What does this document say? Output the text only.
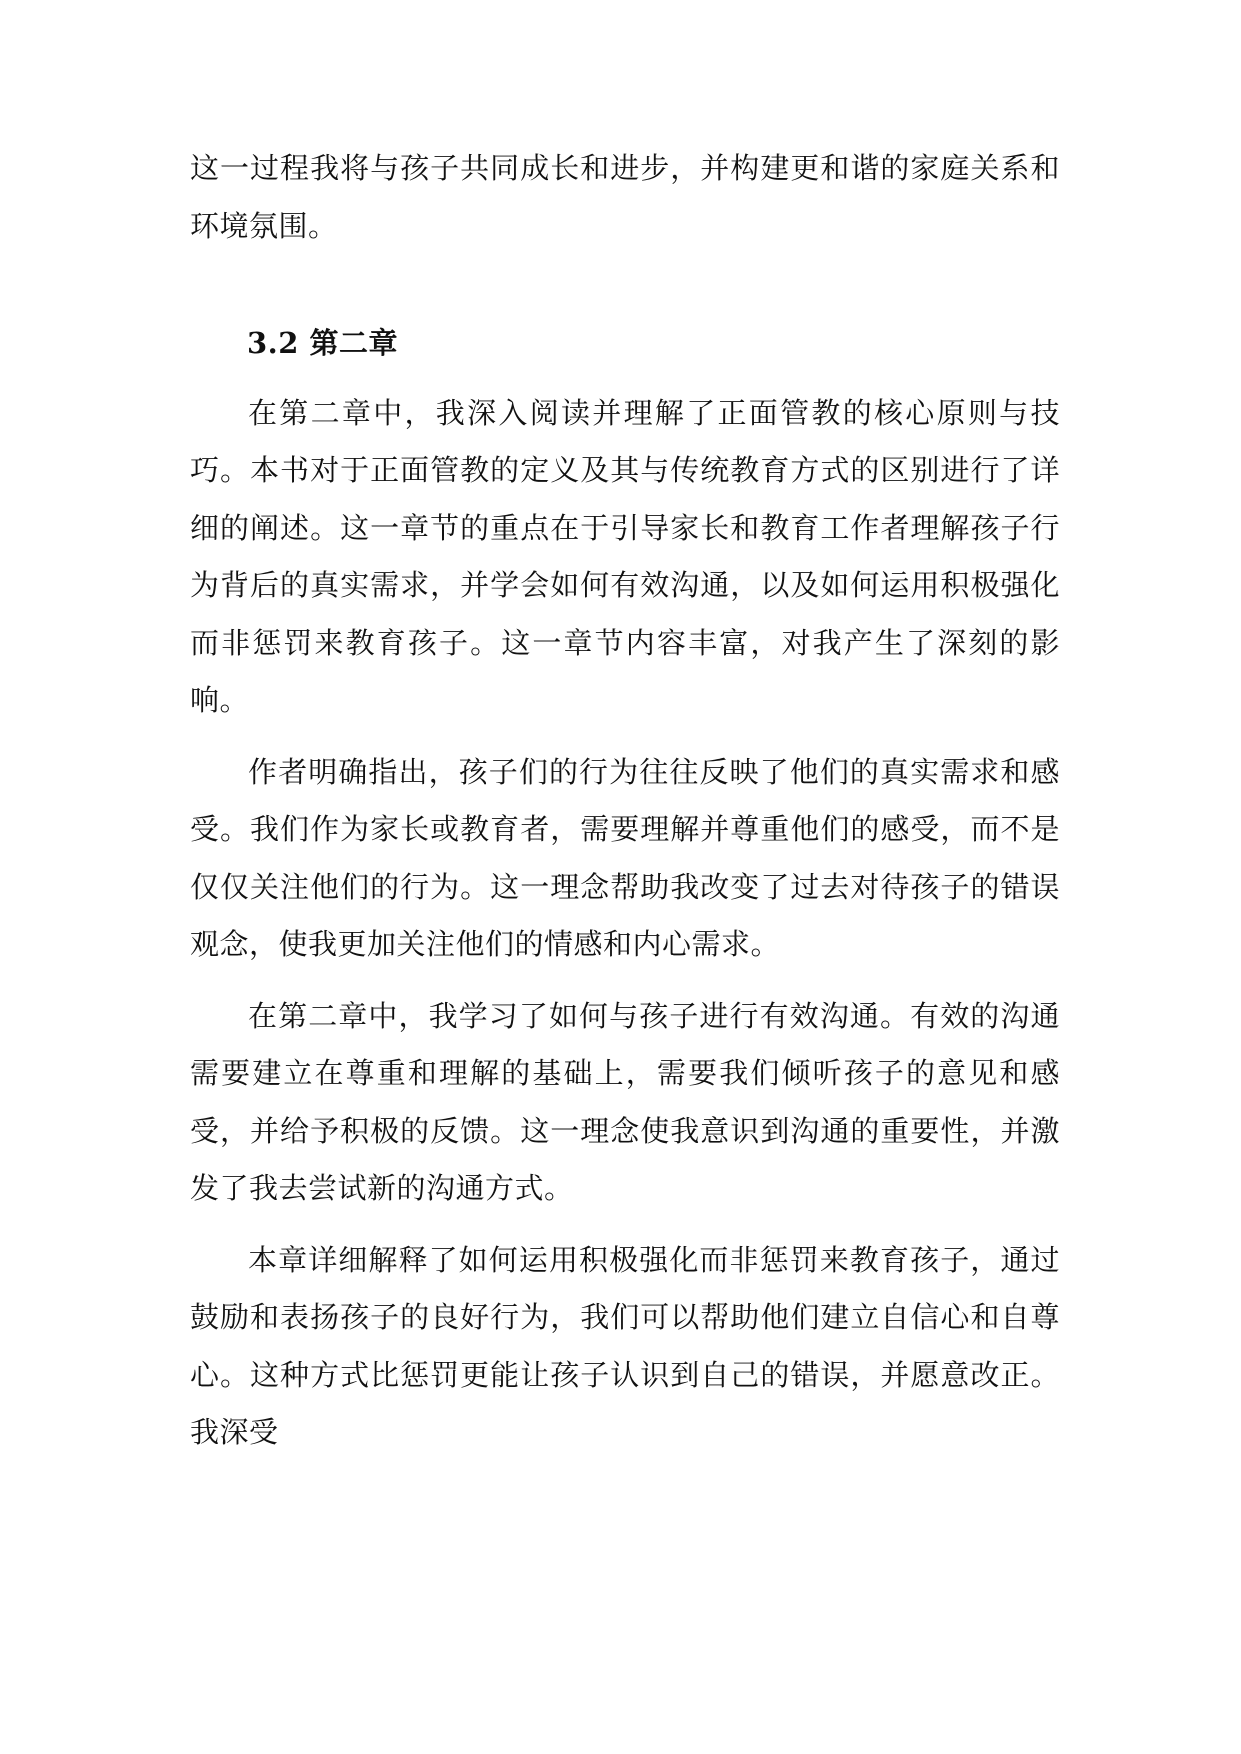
这一过程我将与孩子共同成长和进步，并构建更和谐的家庭关系和环境氛围。

3.2 第二章

在第二章中，我深入阅读并理解了正面管教的核心原则与技巧。本书对于正面管教的定义及其与传统教育方式的区别进行了详细的阐述。这一章节的重点在于引导家长和教育工作者理解孩子行为背后的真实需求，并学会如何有效沟通，以及如何运用积极强化而非惩罚来教育孩子。这一章节内容丰富，对我产生了深刻的影响。

作者明确指出，孩子们的行为往往反映了他们的真实需求和感受。我们作为家长或教育者，需要理解并尊重他们的感受，而不是仅仅关注他们的行为。这一理念帮助我改变了过去对待孩子的错误观念，使我更加关注他们的情感和内心需求。

在第二章中，我学习了如何与孩子进行有效沟通。有效的沟通需要建立在尊重和理解的基础上，需要我们倾听孩子的意见和感受，并给予积极的反馈。这一理念使我意识到沟通的重要性，并激发了我去尝试新的沟通方式。

本章详细解释了如何运用积极强化而非惩罚来教育孩子，通过鼓励和表扬孩子的良好行为，我们可以帮助他们建立自信心和自尊心。这种方式比惩罚更能让孩子认识到自己的错误，并愿意改正。我深受
